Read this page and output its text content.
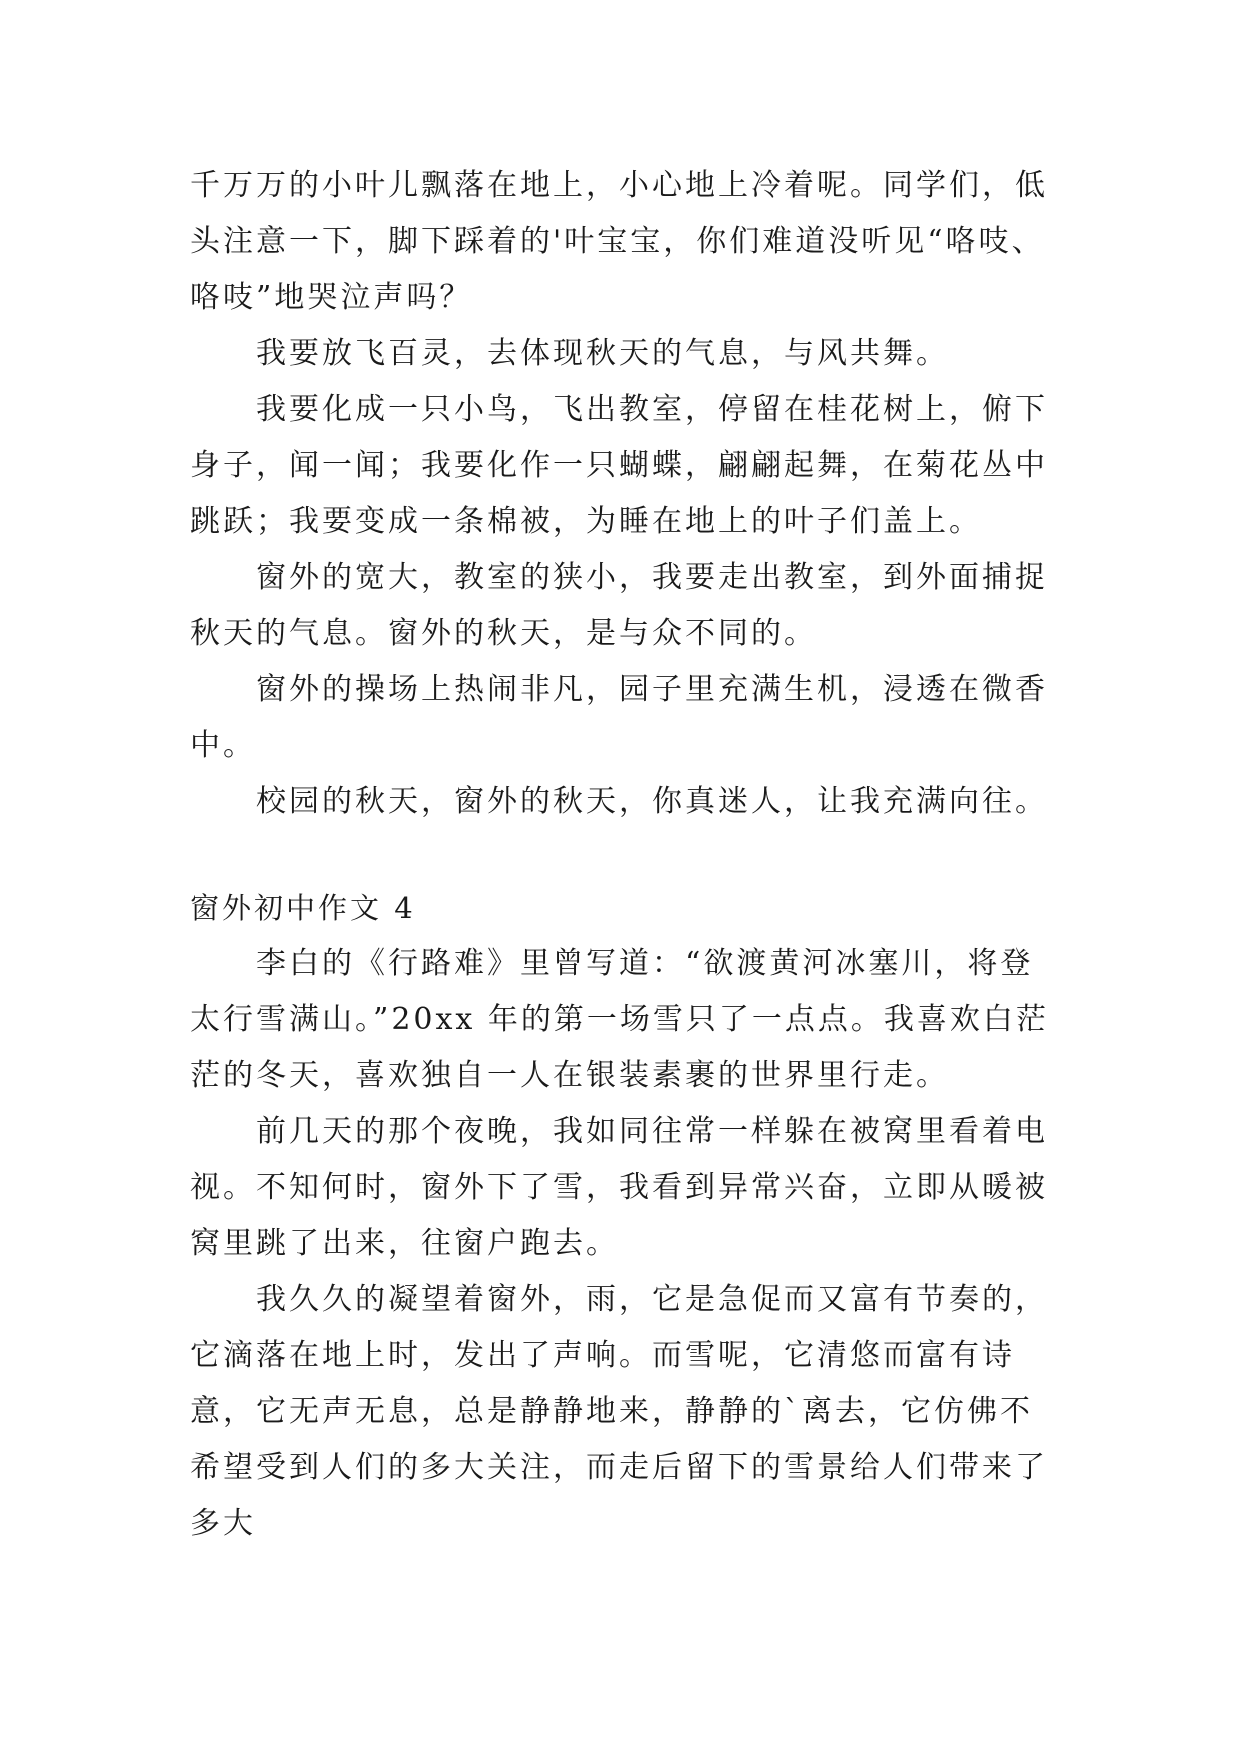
千万万的小叶儿飘落在地上，小心地上冷着呢。同学们，低头注意一下，脚下踩着的'叶宝宝，你们难道没听见“咯吱、咯吱”地哭泣声吗？

我要放飞百灵，去体现秋天的气息，与风共舞。

我要化成一只小鸟，飞出教室，停留在桂花树上，俯下身子，闻一闻；我要化作一只蝴蝶，翩翩起舞，在菊花丛中跳跃；我要变成一条棉被，为睡在地上的叶子们盖上。

窗外的宽大，教室的狭小，我要走出教室，到外面捕捉秋天的气息。窗外的秋天，是与众不同的。

窗外的操场上热闹非凡，园子里充满生机，浸透在微香中。

校园的秋天，窗外的秋天，你真迷人，让我充满向往。

窗外初中作文 4

李白的《行路难》里曾写道：“欲渡黄河冰塞川，将登太行雪满山。”20xx 年的第一场雪只了一点点。我喜欢白茫茫的冬天，喜欢独自一人在银装素裹的世界里行走。

前几天的那个夜晚，我如同往常一样躲在被窝里看着电视。不知何时，窗外下了雪，我看到异常兴奋，立即从暖被窝里跳了出来，往窗户跑去。

我久久的凝望着窗外，雨，它是急促而又富有节奏的，它滴落在地上时，发出了声响。而雪呢，它清悠而富有诗意，它无声无息，总是静静地来，静静的`离去，它仿佛不希望受到人们的多大关注，而走后留下的雪景给人们带来了多大
